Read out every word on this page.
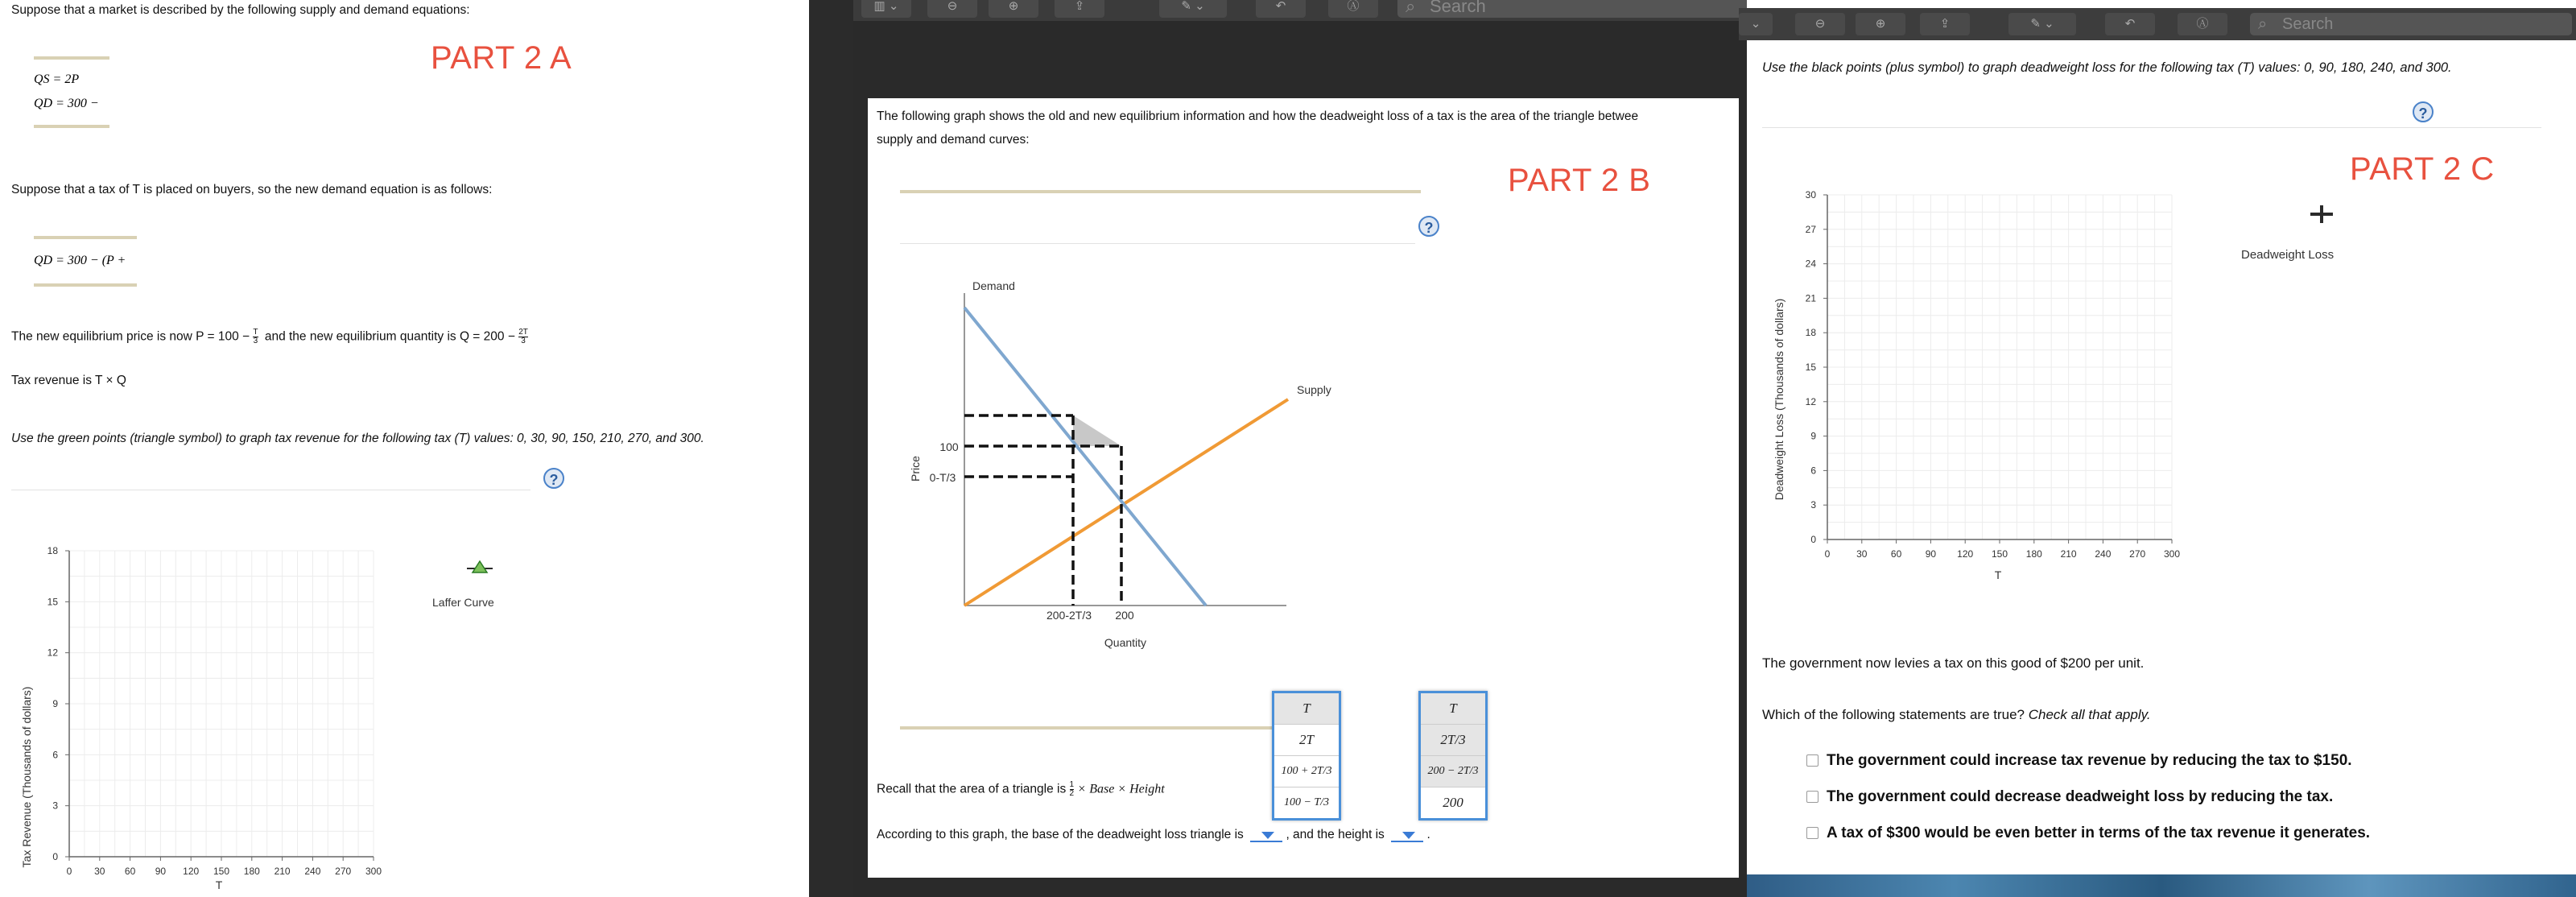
Suppose that a market is described by the following supply and demand equations:
PART 2 A
QS = 2P
QD = 300 −
Suppose that a tax of T is placed on buyers, so the new demand equation is as follows:
QD = 300 − (P +
The new equilibrium price is now $P = 100 - \frac{T}{3}$ and the new equilibrium quantity is $Q = 200 - \frac{2T}{3}$
Tax revenue is T × Q
Use the green points (triangle symbol) to graph tax revenue for the following tax (T) values: 0, 30, 90, 150, 210, 270, and 300.
?
0 30 60 90 120 150 180 210 240 270 300
0
3
6
9
12
15
18
Tax Revenue (Thousands of dollars)
T
Laffer Curve
▥ ⌄	⊖	⊕	⇪	✎ ⌄	↶	Ⓐ	⌕ Search
The following graph shows the old and new equilibrium information and how the deadweight loss of a tax is the area of the triangle betwee
supply and demand curves:
PART 2 B
?
Demand
Supply
100
0-T/3
200-2T/3 200
Quantity
Price
Recall that the area of a triangle is $\frac{1}{2}$ × Base × Height
According to this graph, the base of the deadweight loss triangle is	, and the height is	.
T
2T
100 + 2T/3
100 − T/3
T
2T/3
200 − 2T/3
200
⌄	⊖	⊕	⇪	✎ ⌄	↶	Ⓐ	⌕ Search
Use the black points (plus symbol) to graph deadweight loss for the following tax (T) values: 0, 90, 180, 240, and 300.
?
PART 2 C
0	30 60 90 120 150 180 210 240 270 300
0
3
6
9
12
15
18
21
24
27
30
Deadweight Loss (Thousands of dollars)
T
Deadweight Loss
The government now levies a tax on this good of $200 per unit.
Which of the following statements are true? Check all that apply.
The government could increase tax revenue by reducing the tax to $150.
The government could decrease deadweight loss by reducing the tax.
A tax of $300 would be even better in terms of the tax revenue it generates.
